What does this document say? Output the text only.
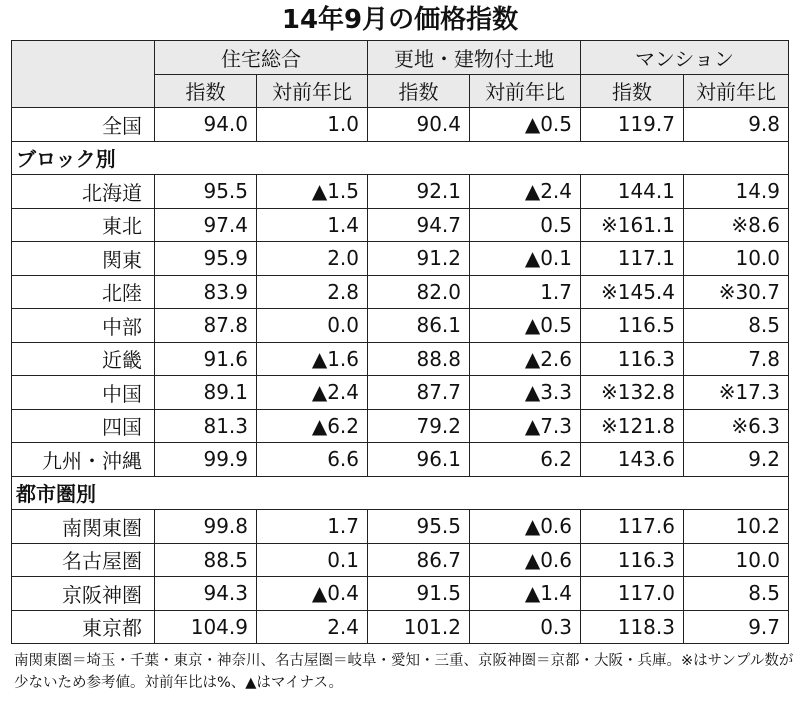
14年9月の価格指数
	住宅総合		更地・建物付土地		マンション	
	指数	対前年比	指数	対前年比	指数	対前年比
全国	94.0	1.0	90.4	▲0.5	119.7	9.8
ブロック別						
北海道	95.5	▲1.5	92.1	▲2.4	144.1	14.9
東北	97.4	1.4	94.7	0.5	※161.1	※8.6
関東	95.9	2.0	91.2	▲0.1	117.1	10.0
北陸	83.9	2.8	82.0	1.7	※145.4	※30.7
中部	87.8	0.0	86.1	▲0.5	116.5	8.5
近畿	91.6	▲1.6	88.8	▲2.6	116.3	7.8
中国	89.1	▲2.4	87.7	▲3.3	※132.8	※17.3
四国	81.3	▲6.2	79.2	▲7.3	※121.8	※6.3
九州・沖縄	99.9	6.6	96.1	6.2	143.6	9.2
都市圏別						
南関東圏	99.8	1.7	95.5	▲0.6	117.6	10.2
名古屋圏	88.5	0.1	86.7	▲0.6	116.3	10.0
京阪神圏	94.3	▲0.4	91.5	▲1.4	117.0	8.5
東京都	104.9	2.4	101.2	0.3	118.3	9.7
南関東圏＝埼玉・千葉・東京・神奈川、名古屋圏＝岐阜・愛知・三重、京阪神圏＝京都・大阪・兵庫。※はサンプル数が少ないため参考値。対前年比は%、▲はマイナス。
